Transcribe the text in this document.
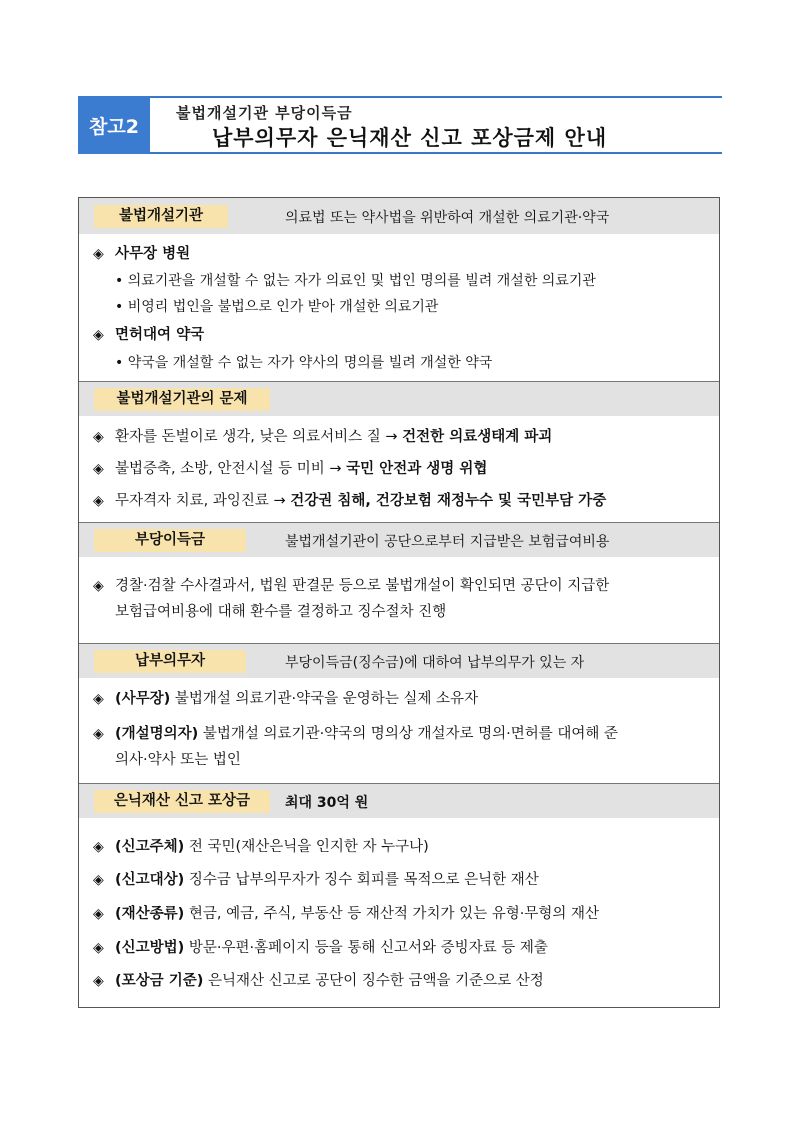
참고2
불법개설기관 부당이득금
납부의무자 은닉재산 신고 포상금제 안내
불법개설기관	의료법 또는 약사법을 위반하여 개설한 의료기관·약국
◈ 사무장 병원
• 의료기관을 개설할 수 없는 자가 의료인 및 법인 명의를 빌려 개설한 의료기관
• 비영리 법인을 불법으로 인가 받아 개설한 의료기관
◈ 면허대여 약국
• 약국을 개설할 수 없는 자가 약사의 명의를 빌려 개설한 약국
불법개설기관의 문제
◈ 환자를 돈벌이로 생각, 낮은 의료서비스 질 → 건전한 의료생태계 파괴
◈ 불법증축, 소방, 안전시설 등 미비 → 국민 안전과 생명 위협
◈ 무자격자 치료, 과잉진료 → 건강권 침해, 건강보험 재정누수 및 국민부담 가중
부당이득금	불법개설기관이 공단으로부터 지급받은 보험급여비용
◈ 경찰·검찰 수사결과서, 법원 판결문 등으로 불법개설이 확인되면 공단이 지급한
보험급여비용에 대해 환수를 결정하고 징수절차 진행
납부의무자	부당이득금(징수금)에 대하여 납부의무가 있는 자
◈ (사무장) 불법개설 의료기관·약국을 운영하는 실제 소유자
◈ (개설명의자) 불법개설 의료기관·약국의 명의상 개설자로 명의·면허를 대여해 준
의사·약사 또는 법인
은닉재산 신고 포상금	최대 30억 원
◈ (신고주체) 전 국민(재산은닉을 인지한 자 누구나)
◈ (신고대상) 징수금 납부의무자가 징수 회피를 목적으로 은닉한 재산
◈ (재산종류) 현금, 예금, 주식, 부동산 등 재산적 가치가 있는 유형·무형의 재산
◈ (신고방법) 방문·우편·홈페이지 등을 통해 신고서와 증빙자료 등 제출
◈ (포상금 기준) 은닉재산 신고로 공단이 징수한 금액을 기준으로 산정
